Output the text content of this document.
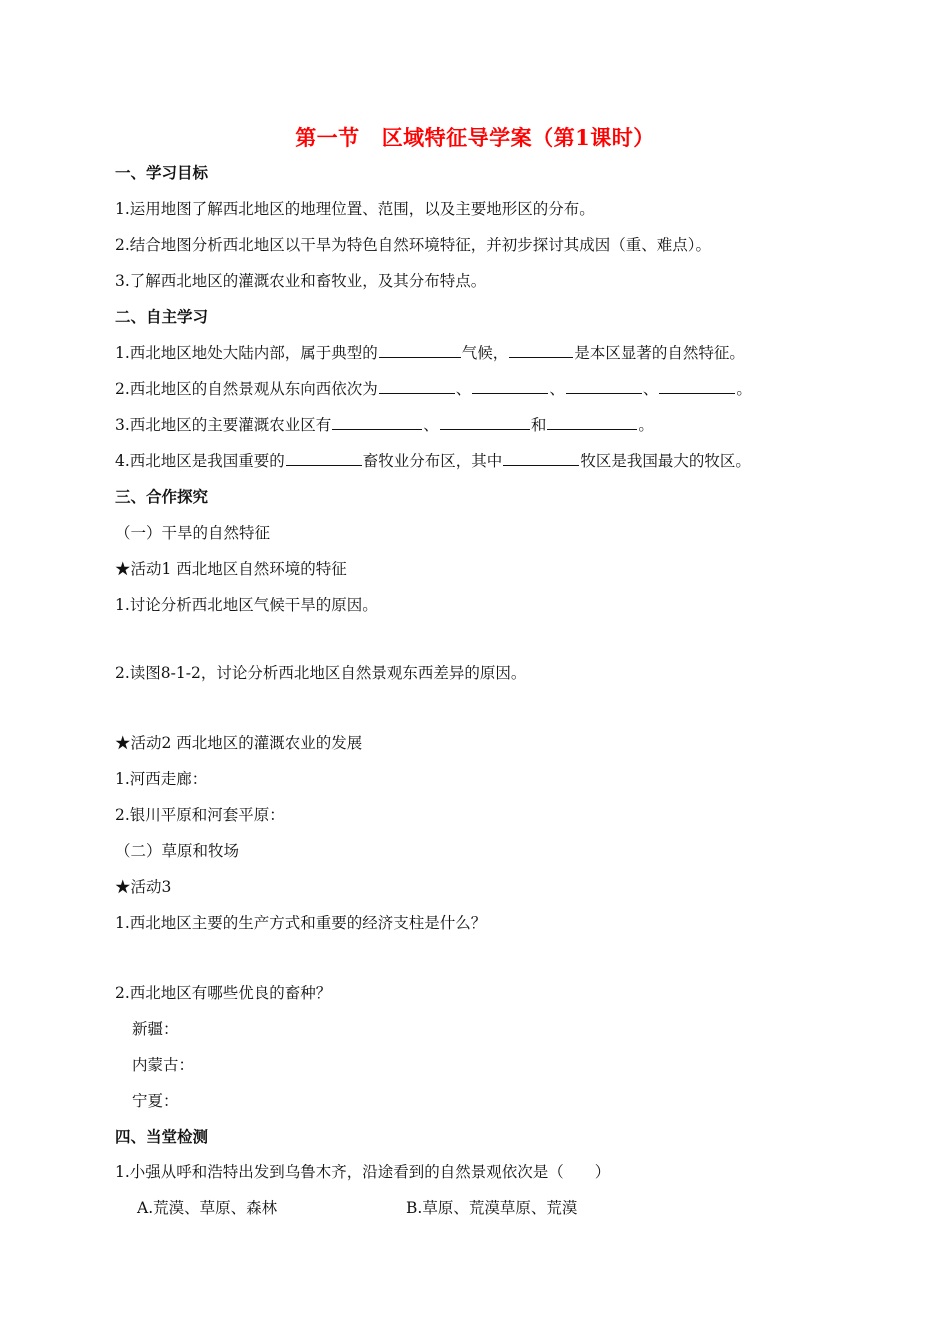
第一节 区域特征导学案（第1课时）
一、学习目标
1.运用地图了解西北地区的地理位置、范围，以及主要地形区的分布。
2.结合地图分析西北地区以干旱为特色自然环境特征，并初步探讨其成因（重、难点）。
3.了解西北地区的灌溉农业和畜牧业，及其分布特点。
二、自主学习
1.西北地区地处大陆内部，属于典型的	气候，	是本区显著的自然特征。
2.西北地区的自然景观从东向西依次为	、	、	、	。
3.西北地区的主要灌溉农业区有	、	和	。
4.西北地区是我国重要的	畜牧业分布区，其中	牧区是我国最大的牧区。
三、合作探究
（一）干旱的自然特征
★活动1 西北地区自然环境的特征
1.讨论分析西北地区气候干旱的原因。
2.读图8-1-2，讨论分析西北地区自然景观东西差异的原因。
★活动2 西北地区的灌溉农业的发展
1.河西走廊：
2.银川平原和河套平原：
（二）草原和牧场
★活动3
1.西北地区主要的生产方式和重要的经济支柱是什么？
2.西北地区有哪些优良的畜种？
新疆：
内蒙古：
宁夏：
四、当堂检测
1.小强从呼和浩特出发到乌鲁木齐，沿途看到的自然景观依次是（　　）
A.荒漠、草原、森林	B.草原、荒漠草原、荒漠
